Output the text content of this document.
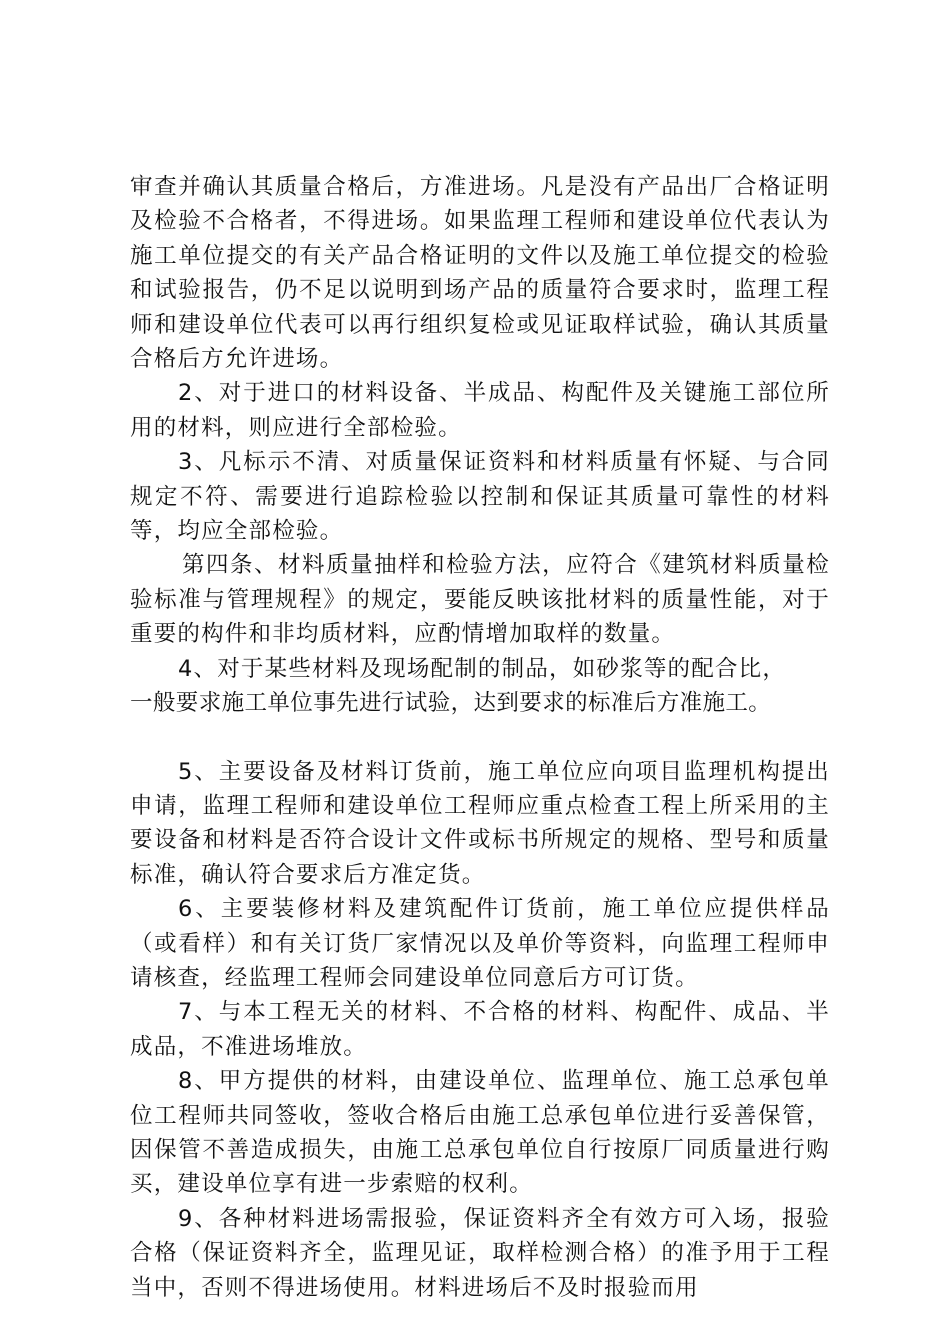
审查并确认其质量合格后，方准进场。凡是没有产品出厂合格证明及检验不合格者，不得进场。如果监理工程师和建设单位代表认为施工单位提交的有关产品合格证明的文件以及施工单位提交的检验和试验报告，仍不足以说明到场产品的质量符合要求时，监理工程师和建设单位代表可以再行组织复检或见证取样试验，确认其质量合格后方允许进场。

2、对于进口的材料设备、半成品、构配件及关键施工部位所用的材料，则应进行全部检验。

3、凡标示不清、对质量保证资料和材料质量有怀疑、与合同规定不符、需要进行追踪检验以控制和保证其质量可靠性的材料等，均应全部检验。

第四条、材料质量抽样和检验方法，应符合《建筑材料质量检验标准与管理规程》的规定，要能反映该批材料的质量性能，对于重要的构件和非均质材料，应酌情增加取样的数量。

4、对于某些材料及现场配制的制品，如砂浆等的配合比，

一般要求施工单位事先进行试验，达到要求的标准后方准施工。

5、主要设备及材料订货前，施工单位应向项目监理机构提出申请，监理工程师和建设单位工程师应重点检查工程上所采用的主要设备和材料是否符合设计文件或标书所规定的规格、型号和质量标准，确认符合要求后方准定货。

6、主要装修材料及建筑配件订货前，施工单位应提供样品（或看样）和有关订货厂家情况以及单价等资料，向监理工程师申请核查，经监理工程师会同建设单位同意后方可订货。

7、与本工程无关的材料、不合格的材料、构配件、成品、半成品，不准进场堆放。

8、甲方提供的材料，由建设单位、监理单位、施工总承包单位工程师共同签收，签收合格后由施工总承包单位进行妥善保管，因保管不善造成损失，由施工总承包单位自行按原厂同质量进行购买，建设单位享有进一步索赔的权利。

9、各种材料进场需报验，保证资料齐全有效方可入场，报验合格（保证资料齐全，监理见证，取样检测合格）的准予用于工程当中，否则不得进场使用。材料进场后不及时报验而用
